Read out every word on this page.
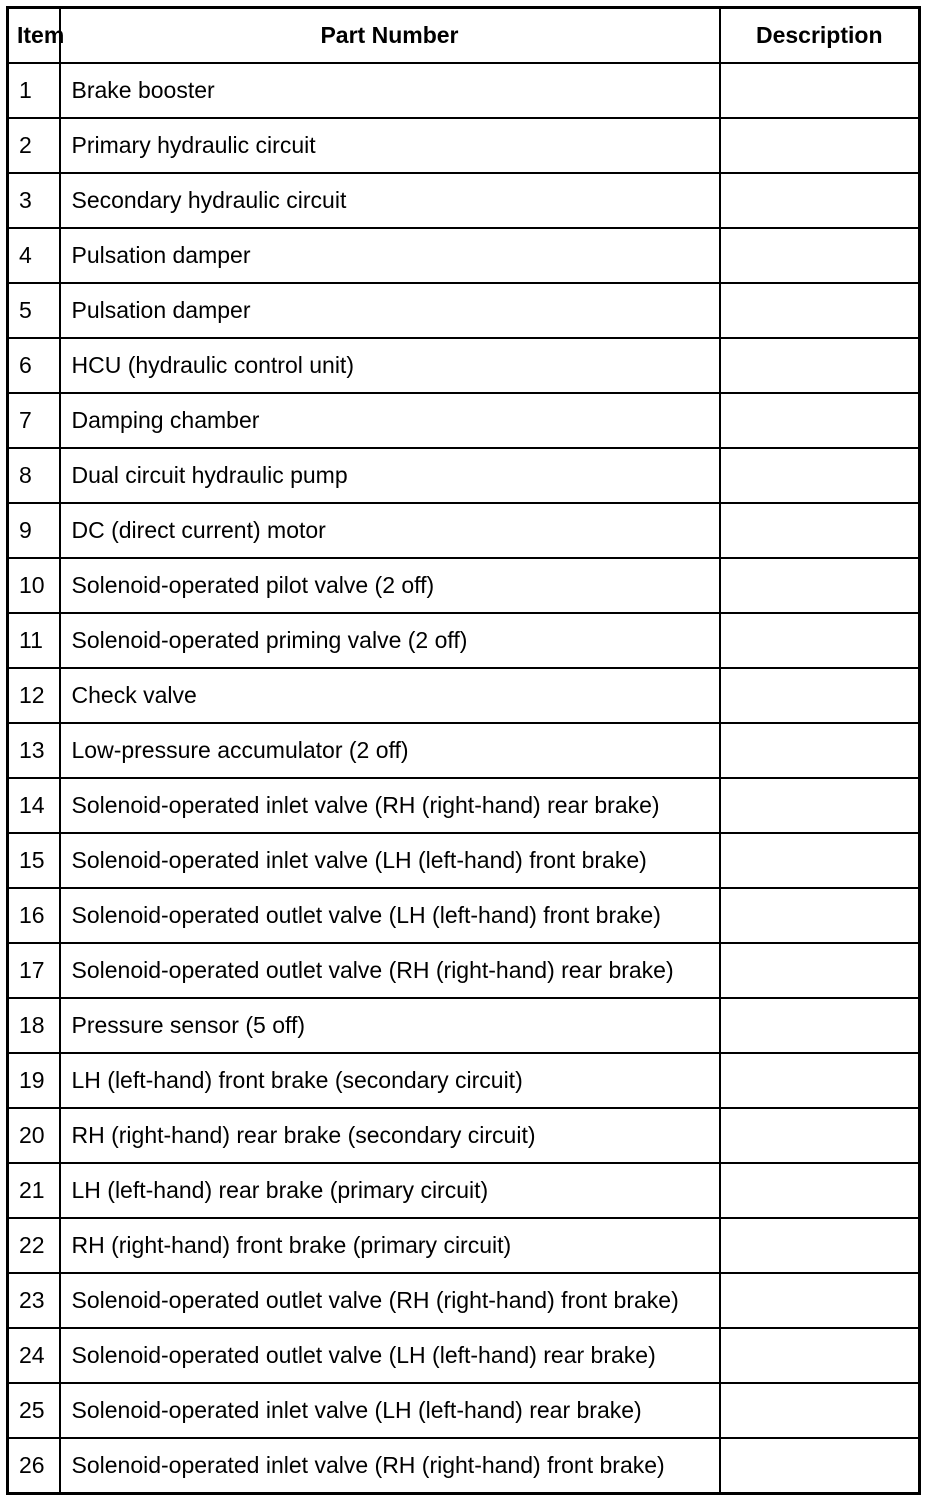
Item	Part Number	Description
1	Brake booster	
2	Primary hydraulic circuit	
3	Secondary hydraulic circuit	
4	Pulsation damper	
5	Pulsation damper	
6	HCU (hydraulic control unit)	
7	Damping chamber	
8	Dual circuit hydraulic pump	
9	DC (direct current) motor	
10	Solenoid-operated pilot valve (2 off)	
11	Solenoid-operated priming valve (2 off)	
12	Check valve	
13	Low-pressure accumulator (2 off)	
14	Solenoid-operated inlet valve (RH (right-hand) rear brake)	
15	Solenoid-operated inlet valve (LH (left-hand) front brake)	
16	Solenoid-operated outlet valve (LH (left-hand) front brake)	
17	Solenoid-operated outlet valve (RH (right-hand) rear brake)	
18	Pressure sensor (5 off)	
19	LH (left-hand) front brake (secondary circuit)	
20	RH (right-hand) rear brake (secondary circuit)	
21	LH (left-hand) rear brake (primary circuit)	
22	RH (right-hand) front brake (primary circuit)	
23	Solenoid-operated outlet valve (RH (right-hand) front brake)	
24	Solenoid-operated outlet valve (LH (left-hand) rear brake)	
25	Solenoid-operated inlet valve (LH (left-hand) rear brake)	
26	Solenoid-operated inlet valve (RH (right-hand) front brake)	
